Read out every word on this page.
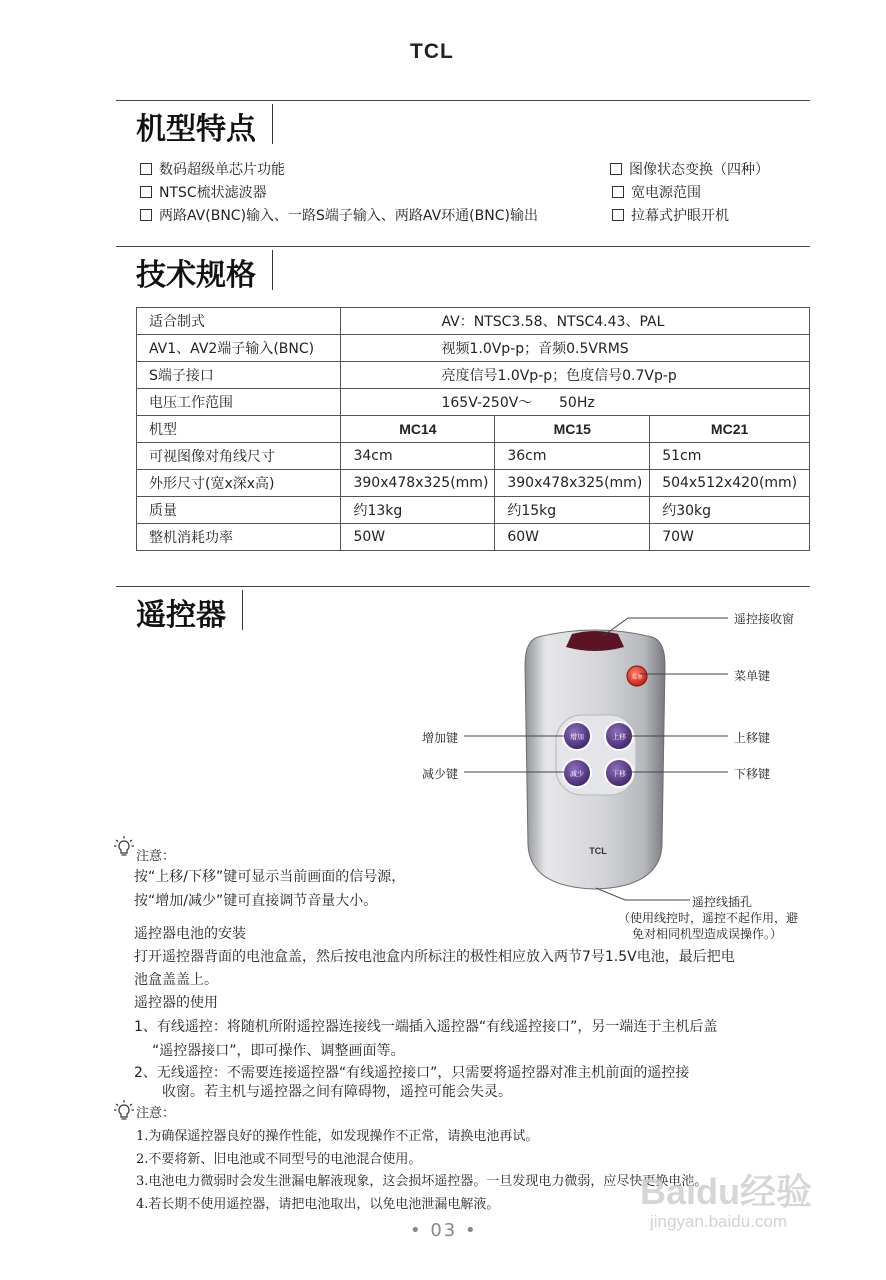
TCL
机型特点
数码超级单芯片功能
NTSC梳状滤波器
两路AV(BNC)输入、一路S端子输入、两路AV环通(BNC)输出
图像状态变换（四种）
宽电源范围
拉幕式护眼开机
技术规格
适合制式	AV：NTSC3.58、NTSC4.43、PAL		
AV1、AV2端子输入(BNC)	视频1.0Vp-p；音频0.5VRMS		
S端子接口	亮度信号1.0Vp-p；色度信号0.7Vp-p		
电压工作范围	165V-250V～      50Hz		
机型	MC14	MC15	MC21
可视图像对角线尺寸	34cm	36cm	51cm
外形尺寸(宽x深x高)	390x478x325(mm)	390x478x325(mm)	504x512x420(mm)
质量	约13kg	约15kg	约30kg
整机消耗功率	50W	60W	70W
遥控器
菜单
增加	上移
减少	下移
TCL
遥控接收窗
菜单键
上移键
下移键
增加键
减少键
遥控线插孔
（使用线控时，遥控不起作用，避
免对相同机型造成误操作。）
注意：
按“上移/下移”键可显示当前画面的信号源，
按“增加/减少”键可直接调节音量大小。
遥控器电池的安装
打开遥控器背面的电池盒盖，然后按电池盒内所标注的极性相应放入两节7号1.5V电池，最后把电
池盒盖盖上。
遥控器的使用
1、有线遥控：将随机所附遥控器连接线一端插入遥控器“有线遥控接口”，另一端连于主机后盖
“遥控器接口”，即可操作、调整画面等。
2、无线遥控：不需要连接遥控器“有线遥控接口”，只需要将遥控器对准主机前面的遥控接
收窗。若主机与遥控器之间有障碍物，遥控可能会失灵。
注意：
1.为确保遥控器良好的操作性能，如发现操作不正常，请换电池再试。
2.不要将新、旧电池或不同型号的电池混合使用。
3.电池电力微弱时会发生泄漏电解液现象，这会损坏遥控器。一旦发现电力微弱，应尽快更换电池。
4.若长期不使用遥控器，请把电池取出，以免电池泄漏电解液。
• 03 •
Baidu经验
jingyan.baidu.com
